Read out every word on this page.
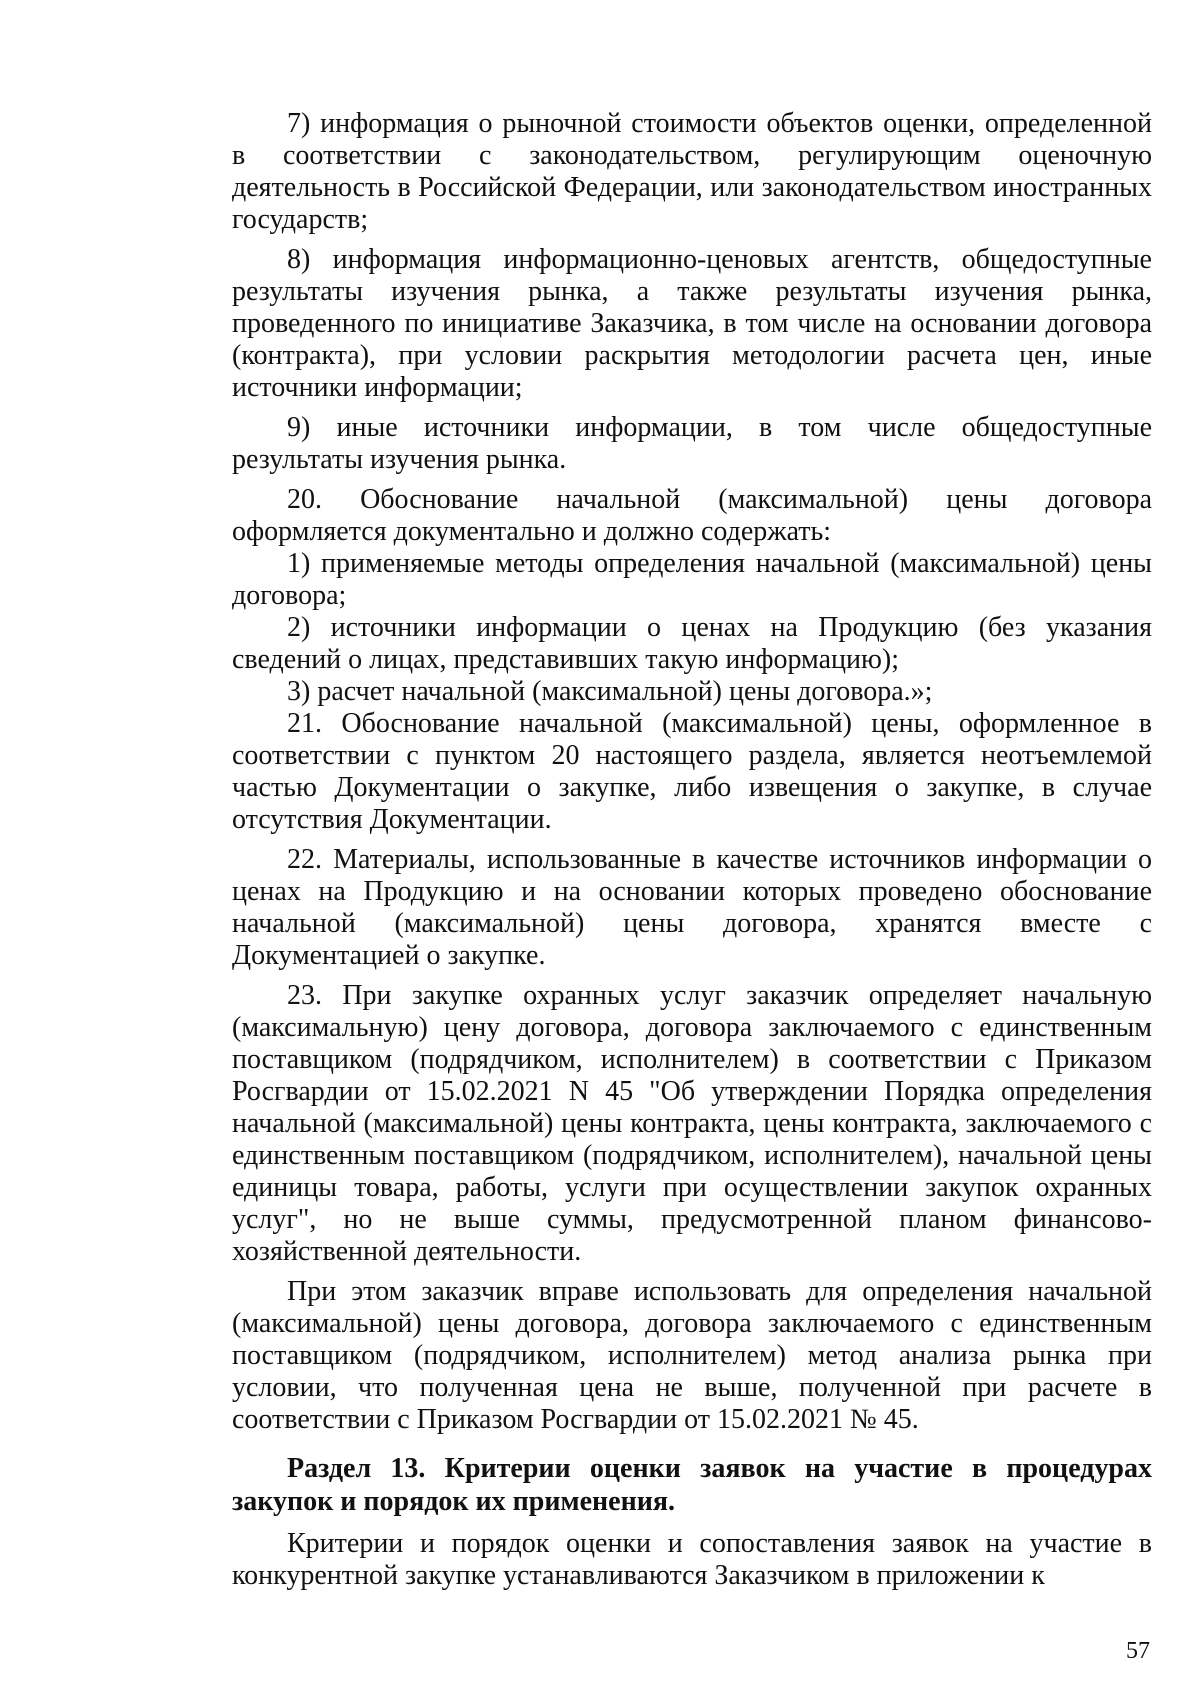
7) информация о рыночной стоимости объектов оценки, определенной в соответствии с законодательством, регулирующим оценочную деятельность в Российской Федерации, или законодательством иностранных государств;

8) информация информационно-ценовых агентств, общедоступные результаты изучения рынка, а также результаты изучения рынка, проведенного по инициативе Заказчика, в том числе на основании договора (контракта), при условии раскрытия методологии расчета цен, иные источники информации;

9) иные источники информации, в том числе общедоступные результаты изучения рынка.

20. Обоснование начальной (максимальной) цены договора оформляется документально и должно содержать:

1) применяемые методы определения начальной (максимальной) цены договора;

2) источники информации о ценах на Продукцию (без указания сведений о лицах, представивших такую информацию);

3) расчет начальной (максимальной) цены договора.»;

21. Обоснование начальной (максимальной) цены, оформленное в соответствии с пунктом 20 настоящего раздела, является неотъемлемой частью Документации о закупке, либо извещения о закупке, в случае отсутствия Документации.

22. Материалы, использованные в качестве источников информации о ценах на Продукцию и на основании которых проведено обоснование начальной (максимальной) цены договора, хранятся вместе с Документацией о закупке.

23. При закупке охранных услуг заказчик определяет начальную (максимальную) цену договора, договора заключаемого с единственным поставщиком (подрядчиком, исполнителем) в соответствии с Приказом Росгвардии от 15.02.2021 N 45 "Об утверждении Порядка определения начальной (максимальной) цены контракта, цены контракта, заключаемого с единственным поставщиком (подрядчиком, исполнителем), начальной цены единицы товара, работы, услуги при осуществлении закупок охранных услуг", но не выше суммы, предусмотренной планом финансово-хозяйственной деятельности.

При этом заказчик вправе использовать для определения начальной (максимальной) цены договора, договора заключаемого с единственным поставщиком (подрядчиком, исполнителем) метод анализа рынка при условии, что полученная цена не выше, полученной при расчете в соответствии с Приказом Росгвардии от 15.02.2021 № 45.

Раздел 13. Критерии оценки заявок на участие в процедурах закупок и порядок их применения.

Критерии и порядок оценки и сопоставления заявок на участие в конкурентной закупке устанавливаются Заказчиком в приложении к

57
